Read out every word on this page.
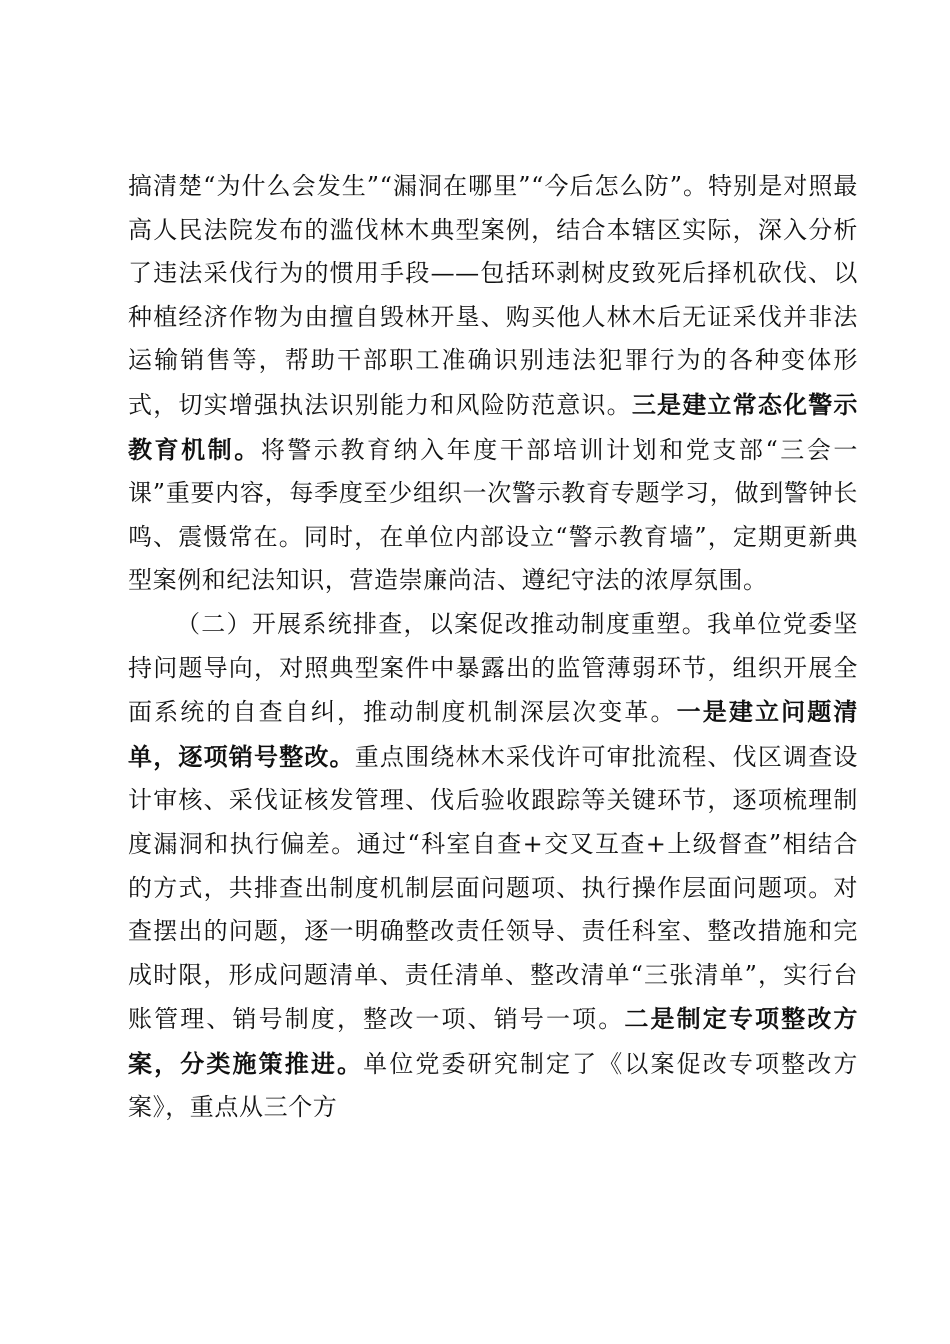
搞清楚“为什么会发生”“漏洞在哪里”“今后怎么防”。特别是对照最高人民法院发布的滥伐林木典型案例，结合本辖区实际，深入分析了违法采伐行为的惯用手段——包括环剥树皮致死后择机砍伐、以种植经济作物为由擅自毁林开垦、购买他人林木后无证采伐并非法运输销售等，帮助干部职工准确识别违法犯罪行为的各种变体形式，切实增强执法识别能力和风险防范意识。三是建立常态化警示教育机制。将警示教育纳入年度干部培训计划和党支部“三会一课”重要内容，每季度至少组织一次警示教育专题学习，做到警钟长鸣、震慑常在。同时，在单位内部设立“警示教育墙”，定期更新典型案例和纪法知识，营造崇廉尚洁、遵纪守法的浓厚氛围。

（二）开展系统排查，以案促改推动制度重塑。我单位党委坚持问题导向，对照典型案件中暴露出的监管薄弱环节，组织开展全面系统的自查自纠，推动制度机制深层次变革。一是建立问题清单，逐项销号整改。重点围绕林木采伐许可审批流程、伐区调查设计审核、采伐证核发管理、伐后验收跟踪等关键环节，逐项梳理制度漏洞和执行偏差。通过“科室自查+交叉互查+上级督查”相结合的方式，共排查出制度机制层面问题项、执行操作层面问题项。对查摆出的问题，逐一明确整改责任领导、责任科室、整改措施和完成时限，形成问题清单、责任清单、整改清单“三张清单”，实行台账管理、销号制度，整改一项、销号一项。二是制定专项整改方案，分类施策推进。单位党委研究制定了《以案促改专项整改方案》，重点从三个方
